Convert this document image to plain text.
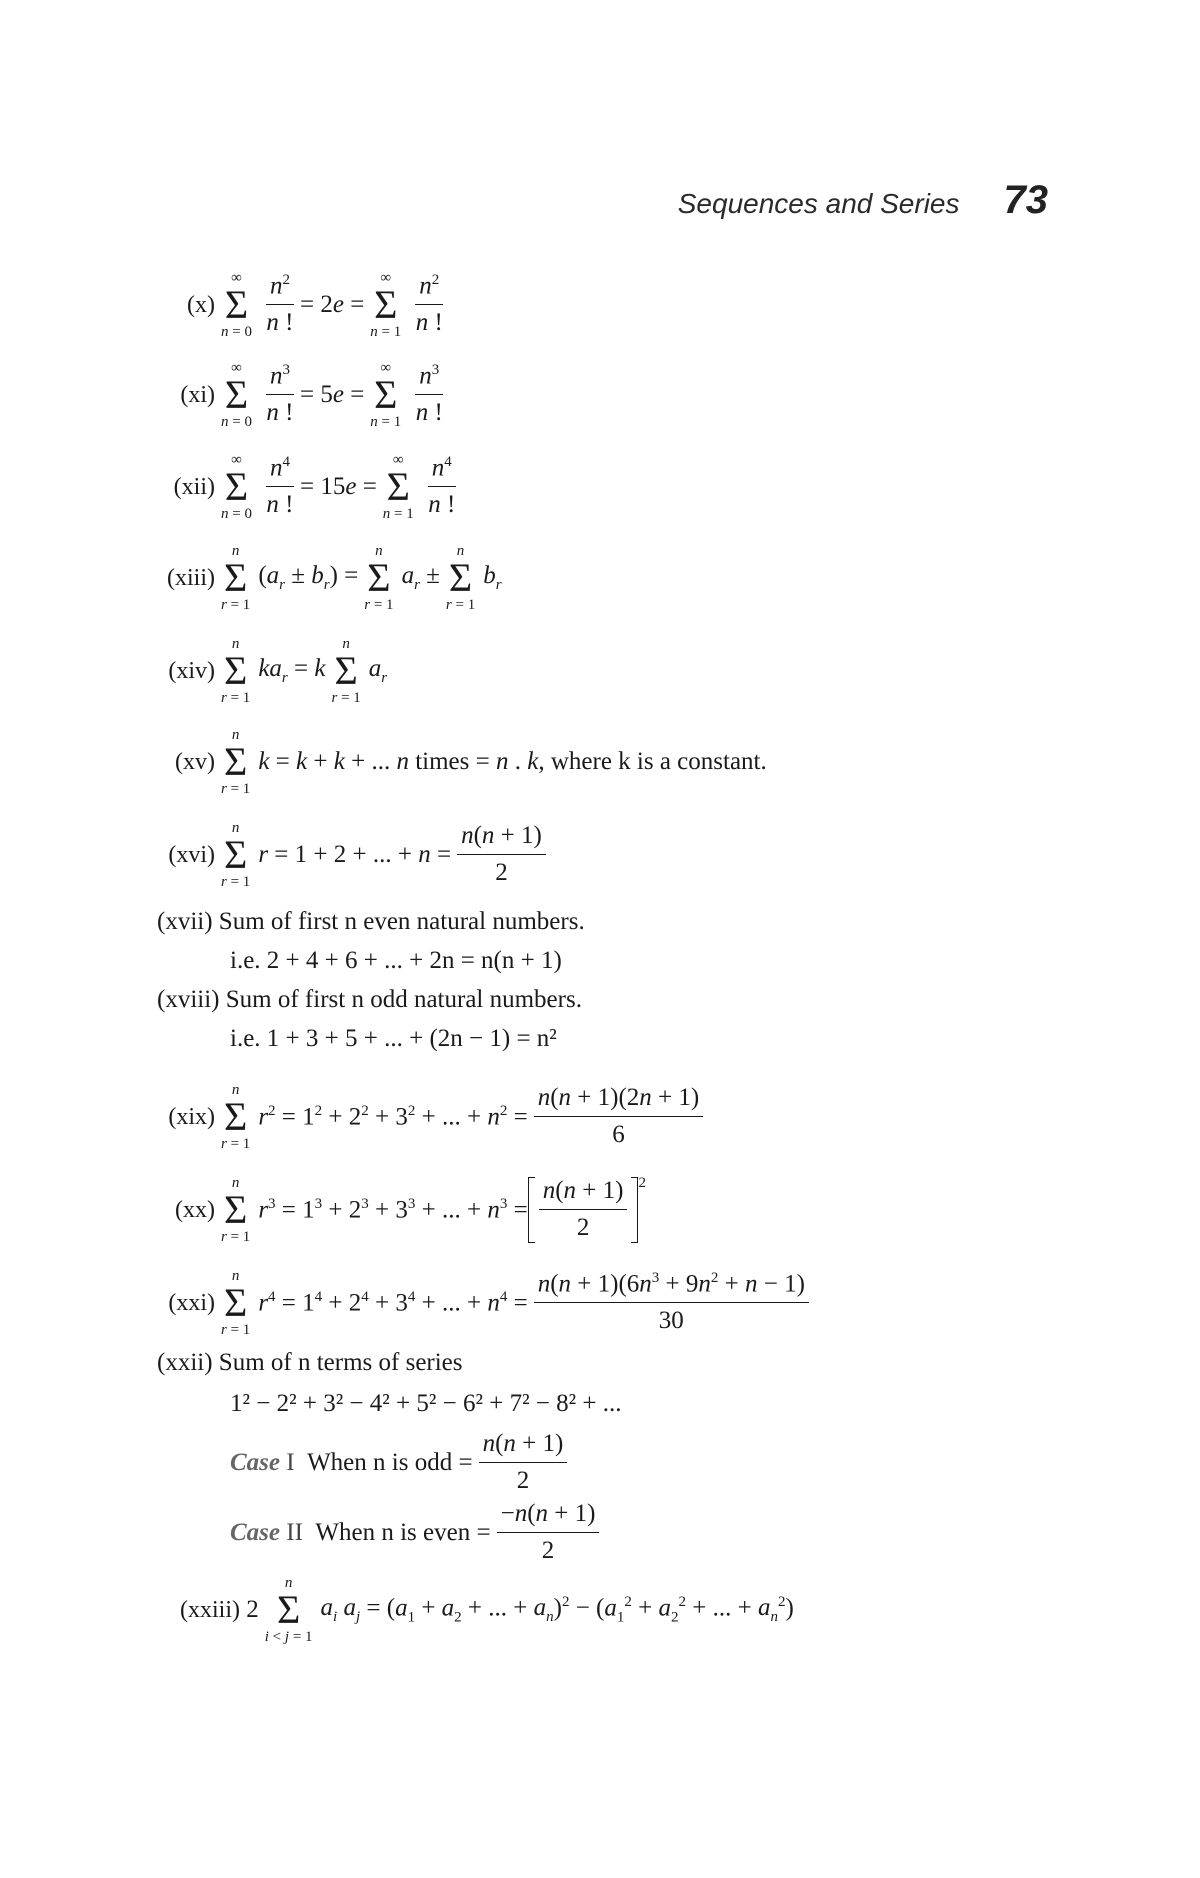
Sequences and Series 73
(x)
∞
Σ
$n = 0 \frac{n^2}{n !} = 2e$ =
∞
Σ
$n = 1 \frac{n^2}{n !}$
(xi)
∞
Σ
$n = 0 \frac{n^3}{n !} = 5e$ =
∞
Σ
$n = 1 \frac{n^3}{n !}$
(xii)
∞
Σ
$n = 0 \frac{n^4}{n !} = 15e$ =
∞
Σ
$n = 1 \frac{n^4}{n !}$
(xiii)
n
Σ
r = 1
$(a_r \pm b_r)$ =
n
Σ
r = 1
$a_r$ ±
n
Σ
r = 1
$b_r$
(xiv)
n
Σ
r = 1
$ka_r = k$
n
Σ
r = 1
$a_r$
(xv)
n
Σ
r = 1
k = k + k + ... n times = n . k, where k is a constant.
(xvi)
n
Σ
r = 1
r = 1 + 2 + ... + $n = \frac{n(n + 1)}{2}$
(xvii) Sum of first n even natural numbers.
i.e. 2 + 4 + 6 + ... + 2n = n(n + 1)
(xviii) Sum of first n odd natural numbers.
i.e. 1 + 3 + 5 + ... + (2n − 1) = n²
(xix)
n
Σ
r = 1
$r^2 = 1^2 + 2^2 + 3^2$ + ... + $n^2 = \frac{n(n + 1)(2n + 1)}{6}$
(xx)
n
Σ
r = 1
$r^3 = 1^3 + 2^3 + 3^3$ + ... + $n^3 = \frac{n(n + 1)}{2} ^2$
(xxi)
n
Σ
r = 1
$r^4 = 1^4 + 2^4 + 3^4$ + ... + $n^4 = \frac{n(n + 1)(6n^3 + 9n^2 + n - 1)}{30}$
(xxii) Sum of n terms of series
1² − 2² + 3² − 4² + 5² − 6² + 7² − 8² + ...
Case
I
When n is odd = $\frac{n(n + 1)}{2}$
Case
II
When n is even = $\frac{-n(n + 1)}{2}$
(xxiii) 2
n
Σ
i < j = 1
$a_i$ $a_j = (a_1 + a_2$ + ... + $a_n)^2 - (a_1^2 + a_2^2$ + ... + $a_n^2$)
